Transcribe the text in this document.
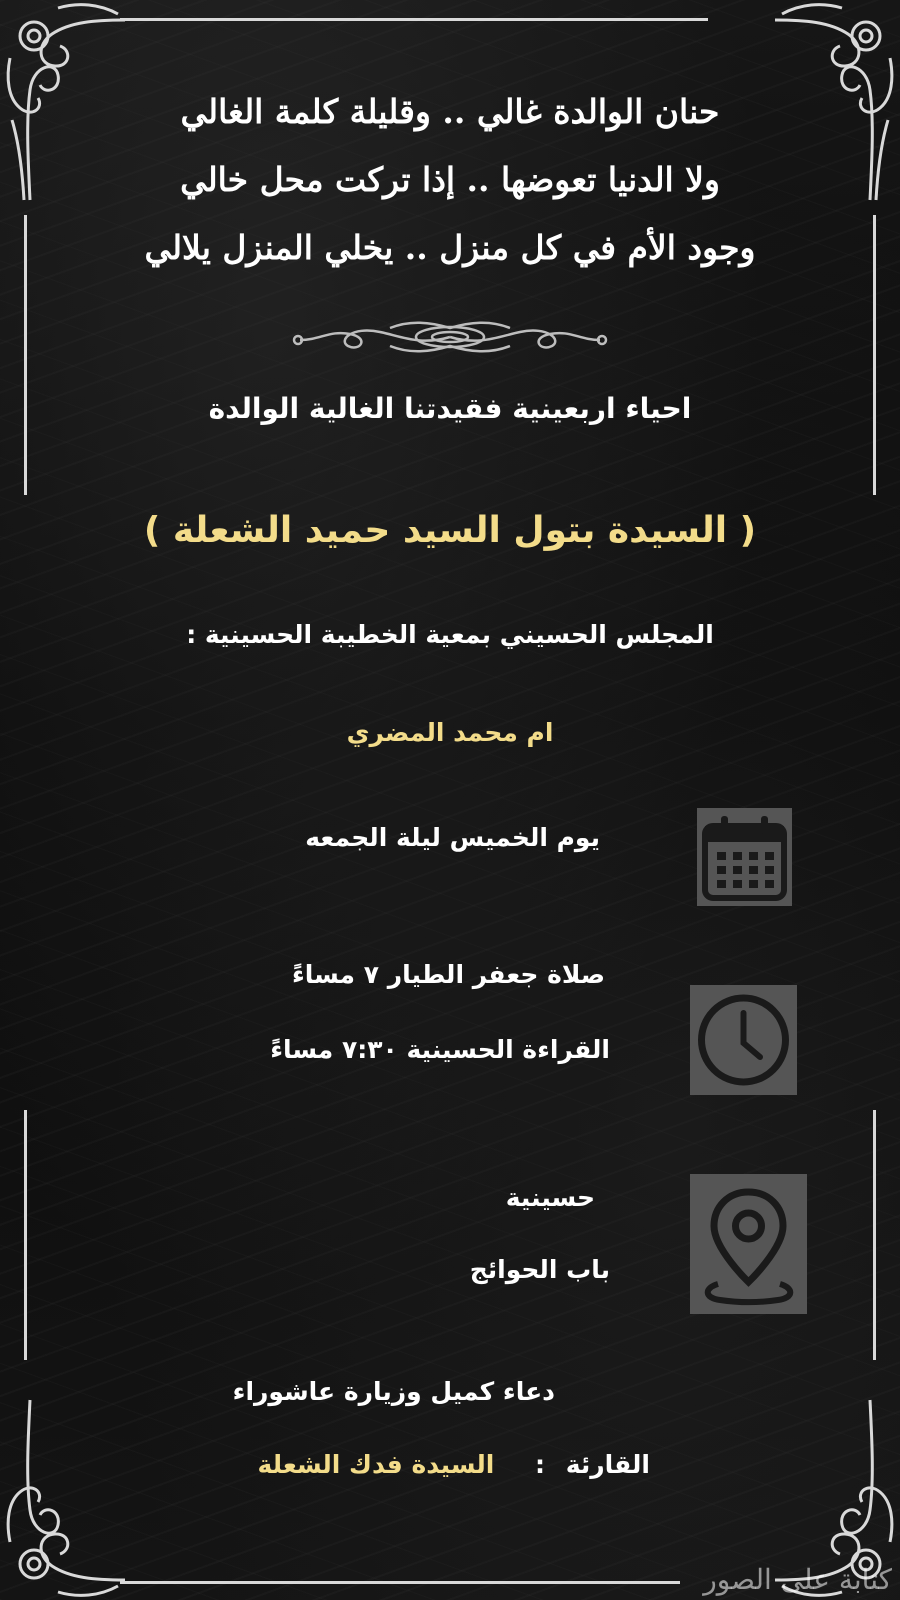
حنان الوالدة غالي .. وقليلة كلمة الغالي
ولا الدنيا تعوضها .. إذا تركت محل خالي
وجود الأم في كل منزل .. يخلي المنزل يلالي
احياء اربعينية فقيدتنا الغالية الوالدة
( السيدة بتول السيد حميد الشعلة )
المجلس الحسيني بمعية الخطيبة الحسينية :
ام محمد المضري
يوم الخميس ليلة الجمعه
صلاة جعفر الطيار ٧ مساءً
القراءة الحسينية ٧:٣٠ مساءً
حسينية
باب الحوائج
دعاء كميل وزيارة عاشوراء
القارئة : السيدة فدك الشعلة
كتابة على الصور
